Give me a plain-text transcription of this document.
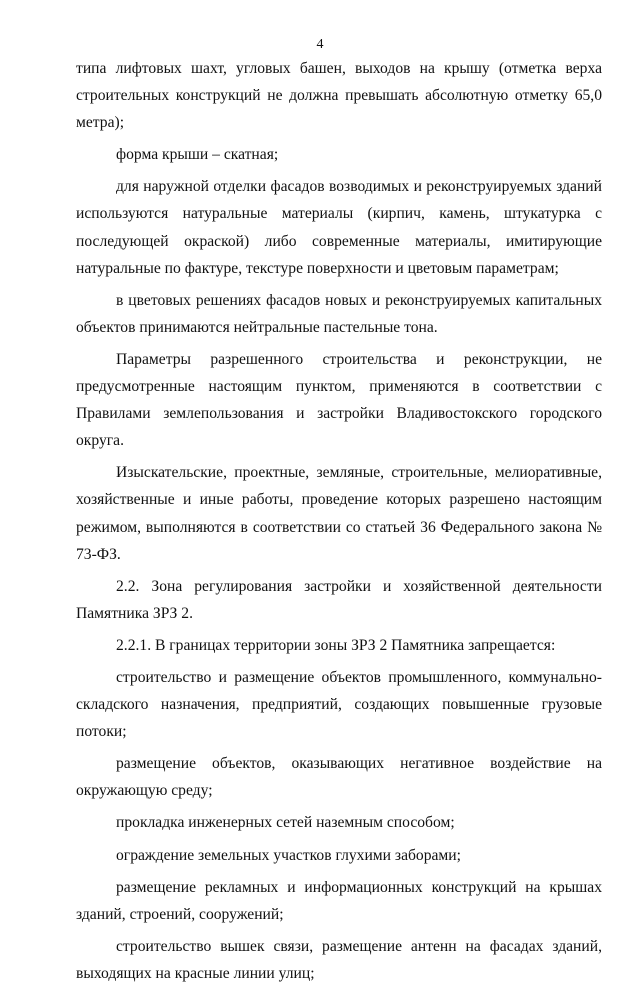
4

типа лифтовых шахт, угловых башен, выходов на крышу (отметка верха строительных конструкций не должна превышать абсолютную отметку 65,0 метра);

форма крыши – скатная;

для наружной отделки фасадов возводимых и реконструируемых зданий используются натуральные материалы (кирпич, камень, штукатурка с последующей окраской) либо современные материалы, имитирующие натуральные по фактуре, текстуре поверхности и цветовым параметрам;

в цветовых решениях фасадов новых и реконструируемых капитальных объектов принимаются нейтральные пастельные тона.

Параметры разрешенного строительства и реконструкции, не предусмотренные настоящим пунктом, применяются в соответствии с Правилами землепользования и застройки Владивостокского городского округа.

Изыскательские, проектные, земляные, строительные, мелиоративные, хозяйственные и иные работы, проведение которых разрешено настоящим режимом, выполняются в соответствии со статьей 36 Федерального закона № 73-ФЗ.

2.2. Зона регулирования застройки и хозяйственной деятельности Памятника ЗРЗ 2.

2.2.1. В границах территории зоны ЗРЗ 2 Памятника запрещается:

строительство и размещение объектов промышленного, коммунально-складского назначения, предприятий, создающих повышенные грузовые потоки;

размещение объектов, оказывающих негативное воздействие на окружающую среду;

прокладка инженерных сетей наземным способом;

ограждение земельных участков глухими заборами;

размещение рекламных и информационных конструкций на крышах зданий, строений, сооружений;

строительство вышек связи, размещение антенн на фасадах зданий, выходящих на красные линии улиц;
